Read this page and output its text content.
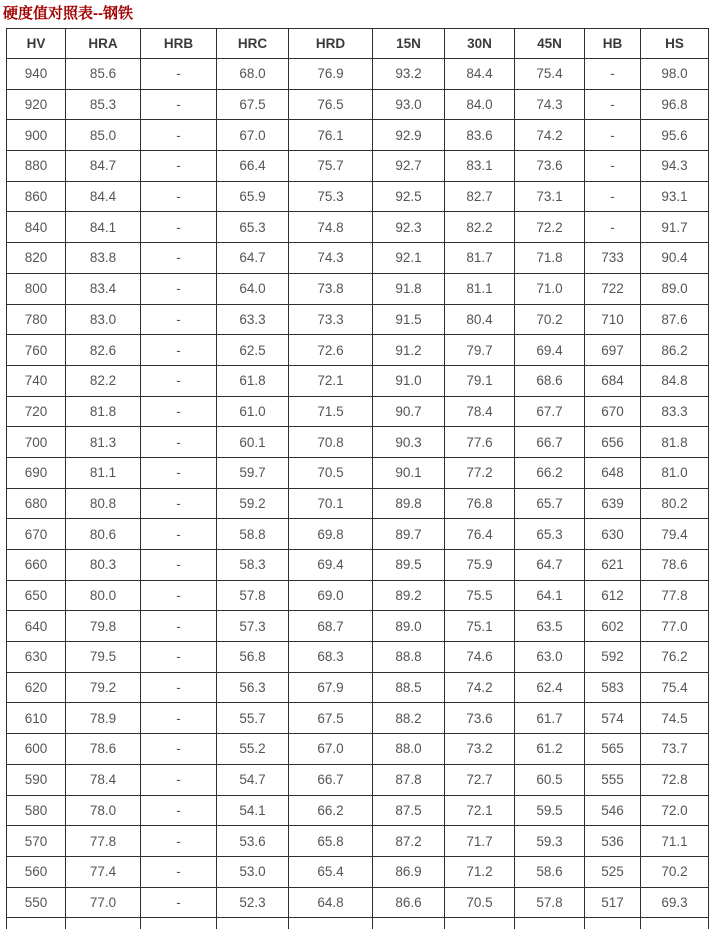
硬度值对照表--钢铁
HV	HRA	HRB	HRC	HRD	15N	30N	45N	HB	HS
940	85.6	-	68.0	76.9	93.2	84.4	75.4	-	98.0
920	85.3	-	67.5	76.5	93.0	84.0	74.3	-	96.8
900	85.0	-	67.0	76.1	92.9	83.6	74.2	-	95.6
880	84.7	-	66.4	75.7	92.7	83.1	73.6	-	94.3
860	84.4	-	65.9	75.3	92.5	82.7	73.1	-	93.1
840	84.1	-	65.3	74.8	92.3	82.2	72.2	-	91.7
820	83.8	-	64.7	74.3	92.1	81.7	71.8	733	90.4
800	83.4	-	64.0	73.8	91.8	81.1	71.0	722	89.0
780	83.0	-	63.3	73.3	91.5	80.4	70.2	710	87.6
760	82.6	-	62.5	72.6	91.2	79.7	69.4	697	86.2
740	82.2	-	61.8	72.1	91.0	79.1	68.6	684	84.8
720	81.8	-	61.0	71.5	90.7	78.4	67.7	670	83.3
700	81.3	-	60.1	70.8	90.3	77.6	66.7	656	81.8
690	81.1	-	59.7	70.5	90.1	77.2	66.2	648	81.0
680	80.8	-	59.2	70.1	89.8	76.8	65.7	639	80.2
670	80.6	-	58.8	69.8	89.7	76.4	65.3	630	79.4
660	80.3	-	58.3	69.4	89.5	75.9	64.7	621	78.6
650	80.0	-	57.8	69.0	89.2	75.5	64.1	612	77.8
640	79.8	-	57.3	68.7	89.0	75.1	63.5	602	77.0
630	79.5	-	56.8	68.3	88.8	74.6	63.0	592	76.2
620	79.2	-	56.3	67.9	88.5	74.2	62.4	583	75.4
610	78.9	-	55.7	67.5	88.2	73.6	61.7	574	74.5
600	78.6	-	55.2	67.0	88.0	73.2	61.2	565	73.7
590	78.4	-	54.7	66.7	87.8	72.7	60.5	555	72.8
580	78.0	-	54.1	66.2	87.5	72.1	59.5	546	72.0
570	77.8	-	53.6	65.8	87.2	71.7	59.3	536	71.1
560	77.4	-	53.0	65.4	86.9	71.2	58.6	525	70.2
550	77.0	-	52.3	64.8	86.6	70.5	57.8	517	69.3
